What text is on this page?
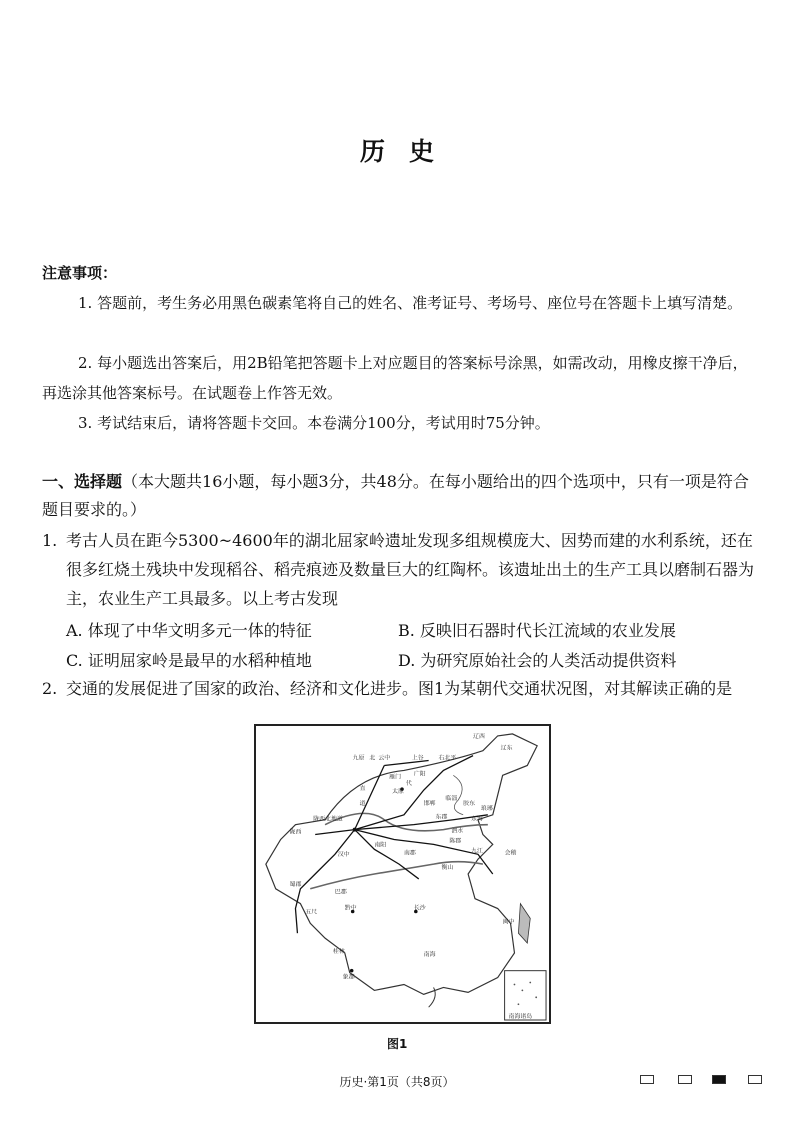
历史
注意事项：
1. 答题前，考生务必用黑色碳素笔将自己的姓名、准考证号、考场号、座位号在答题卡上填写清楚。
2. 每小题选出答案后，用2B铅笔把答题卡上对应题目的答案标号涂黑，如需改动，用橡皮擦干净后，再选涂其他答案标号。在试题卷上作答无效。
3. 考试结束后，请将答题卡交回。本卷满分100分，考试用时75分钟。
一、选择题（本大题共16小题，每小题3分，共48分。在每小题给出的四个选项中，只有一项是符合题目要求的。）
1. 考古人员在距今5300~4600年的湖北屈家岭遗址发现多组规模庞大、因势而建的水利系统，还在很多红烧土残块中发现稻谷、稻壳痕迹及数量巨大的红陶杯。该遗址出土的生产工具以磨制石器为主，农业生产工具最多。以上考古发现
A. 体现了中华文明多元一体的特征	B. 反映旧石器时代长江流域的农业发展
C. 证明屈家岭是最早的水稻种植地	D. 为研究原始社会的人类活动提供资料
2. 交通的发展促进了国家的政治、经济和文化进步。图1为某朝代交通状况图，对其解读正确的是
九原 北 云中	上谷 右北平
辽西
辽东
雁门 广阳
代
太原
直
道	邯郸
临淄
胶东
琅琊
陇西
陇西北地道	东郡
泗水
东海
陈郡
九江
汉中
南阳
南郡	会稽
蜀郡
巴郡
衡山
黔中	长沙
五尺
桂林	南海
象郡
闽中
南海诸岛
图1
历史·第1页（共8页）
